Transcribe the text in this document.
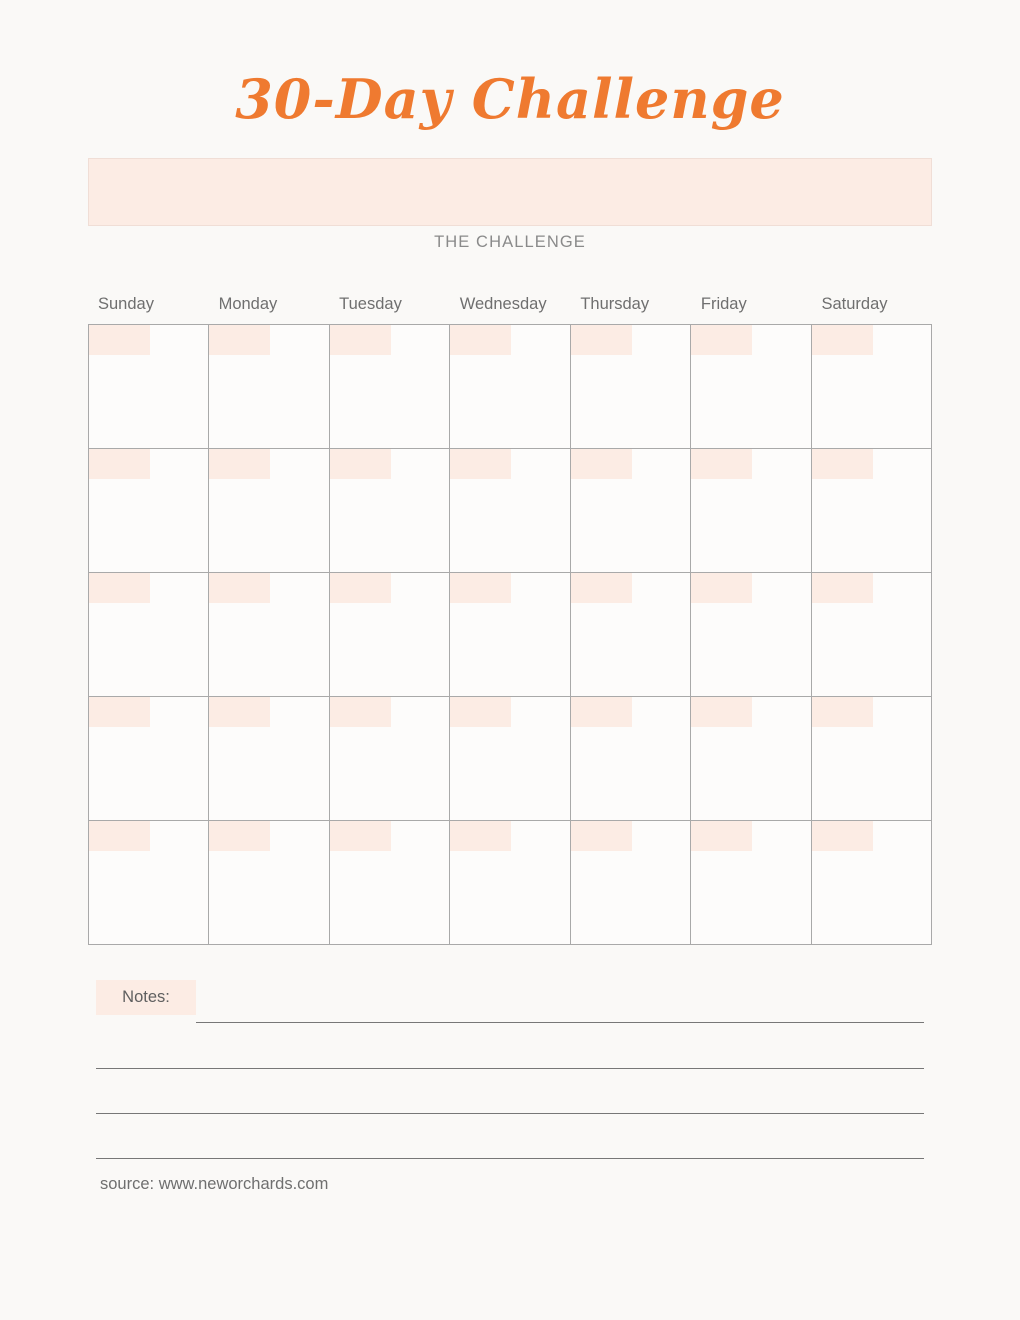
30-Day Challenge
THE CHALLENGE
Sunday	Monday	Tuesday	Wednesday	Thursday	Friday	Saturday
Notes:
source: www.neworchards.com
